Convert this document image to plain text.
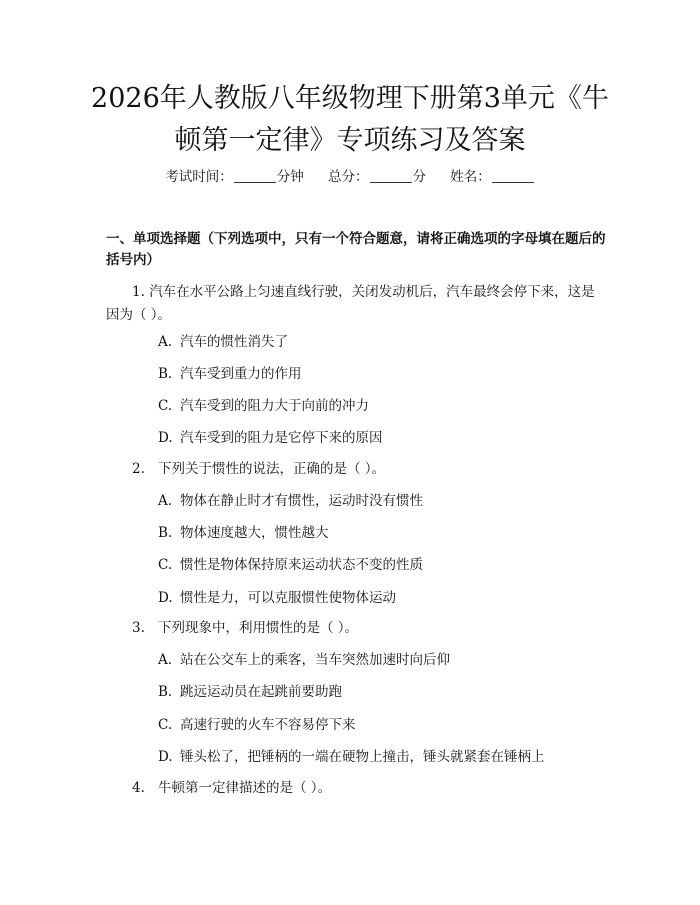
2026年人教版八年级物理下册第3单元《牛
顿第一定律》专项练习及答案
考试时间：	分钟 总分：	分 姓名：
一、单项选择题（下列选项中，只有一个符合题意，请将正确选项的字母填在题后的括号内）
1. 汽车在水平公路上匀速直线行驶，关闭发动机后，汽车最终会停下来，这是因为（ ）。
A. 汽车的惯性消失了
B. 汽车受到重力的作用
C. 汽车受到的阻力大于向前的冲力
D. 汽车受到的阻力是它停下来的原因
2. 下列关于惯性的说法，正确的是（ ）。
A. 物体在静止时才有惯性，运动时没有惯性
B. 物体速度越大，惯性越大
C. 惯性是物体保持原来运动状态不变的性质
D. 惯性是力，可以克服惯性使物体运动
3. 下列现象中，利用惯性的是（ ）。
A. 站在公交车上的乘客，当车突然加速时向后仰
B. 跳远运动员在起跳前要助跑
C. 高速行驶的火车不容易停下来
D. 锤头松了，把锤柄的一端在硬物上撞击，锤头就紧套在锤柄上
4. 牛顿第一定律描述的是（ ）。
